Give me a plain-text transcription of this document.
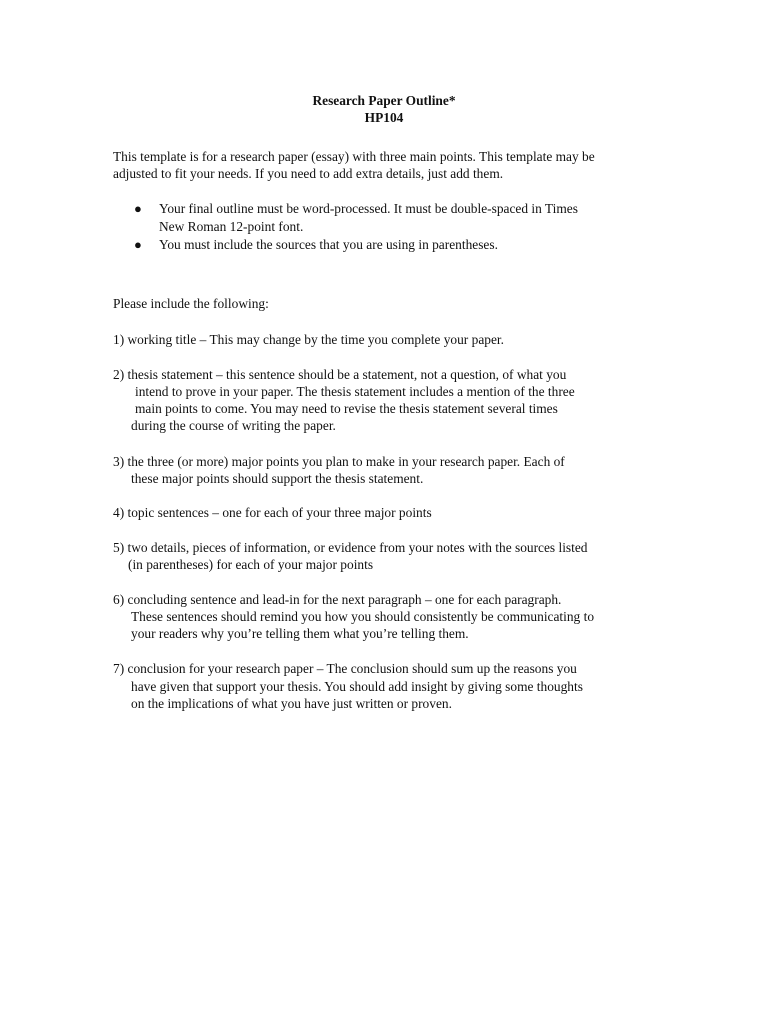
Research Paper Outline*
HP104
This template is for a research paper (essay) with three main points. This template may be
adjusted to fit your needs. If you need to add extra details, just add them.
● Your final outline must be word-processed. It must be double-spaced in Times
New Roman 12-point font.
● You must include the sources that you are using in parentheses.
Please include the following:
1) working title – This may change by the time you complete your paper.
2) thesis statement – this sentence should be a statement, not a question, of what you
intend to prove in your paper. The thesis statement includes a mention of the three
main points to come. You may need to revise the thesis statement several times
during the course of writing the paper.
3) the three (or more) major points you plan to make in your research paper. Each of
these major points should support the thesis statement.
4) topic sentences – one for each of your three major points
5) two details, pieces of information, or evidence from your notes with the sources listed
(in parentheses) for each of your major points
6) concluding sentence and lead-in for the next paragraph – one for each paragraph.
These sentences should remind you how you should consistently be communicating to
your readers why you’re telling them what you’re telling them.
7) conclusion for your research paper – The conclusion should sum up the reasons you
have given that support your thesis. You should add insight by giving some thoughts
on the implications of what you have just written or proven.
